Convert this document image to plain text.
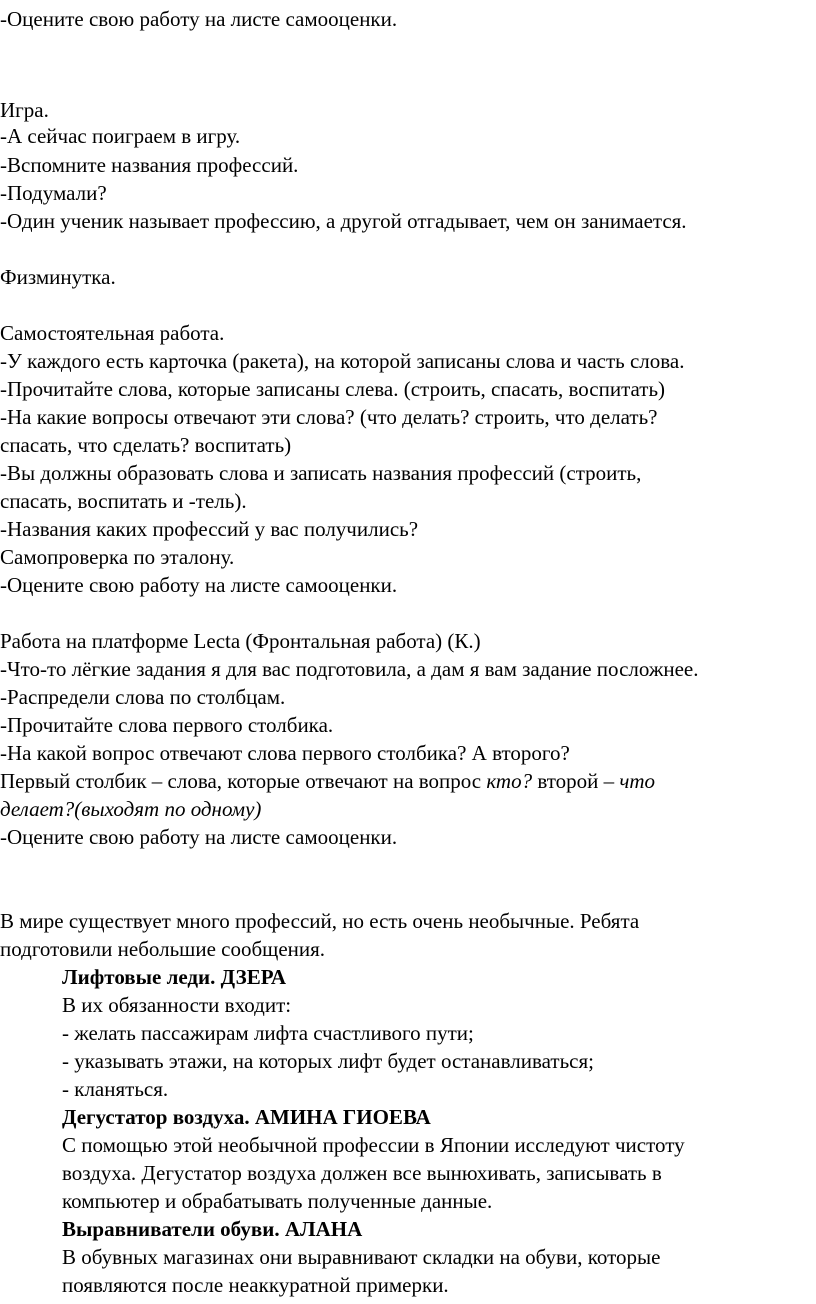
-Оцените свою работу на листе самооценки.
Игра.
-А сейчас поиграем в игру.
-Вспомните названия профессий.
-Подумали?
-Один ученик называет профессию, а другой отгадывает, чем он занимается.
Физминутка.
Самостоятельная работа.
-У каждого есть карточка (ракета), на которой записаны слова и часть слова.
-Прочитайте слова, которые записаны слева. (строить, спасать, воспитать)
-На какие вопросы отвечают эти слова? (что делать? строить, что делать?
спасать, что сделать? воспитать)
-Вы должны образовать слова и записать названия профессий (строить,
спасать, воспитать и -тель).
-Названия каких профессий у вас получились?
Самопроверка по эталону.
-Оцените свою работу на листе самооценки.
Работа на платформе Lecta (Фронтальная работа) (К.)
-Что-то лёгкие задания я для вас подготовила, а дам я вам задание посложнее.
-Распредели слова по столбцам.
-Прочитайте слова первого столбика.
-На какой вопрос отвечают слова первого столбика? А второго?
Первый столбик – слова, которые отвечают на вопрос кто? второй – что
делает?(выходят по одному)
-Оцените свою работу на листе самооценки.
В мире существует много профессий, но есть очень необычные. Ребята
подготовили небольшие сообщения.
Лифтовые леди. ДЗЕРА
В их обязанности входит:
- желать пассажирам лифта счастливого пути;
- указывать этажи, на которых лифт будет останавливаться;
- кланяться.
Дегустатор воздуха. АМИНА ГИОЕВА
С помощью этой необычной профессии в Японии исследуют чистоту
воздуха. Дегустатор воздуха должен все вынюхивать, записывать в
компьютер и обрабатывать полученные данные.
Выравниватели обуви. АЛАНА
В обувных магазинах они выравнивают складки на обуви, которые
появляются после неаккуратной примерки.
